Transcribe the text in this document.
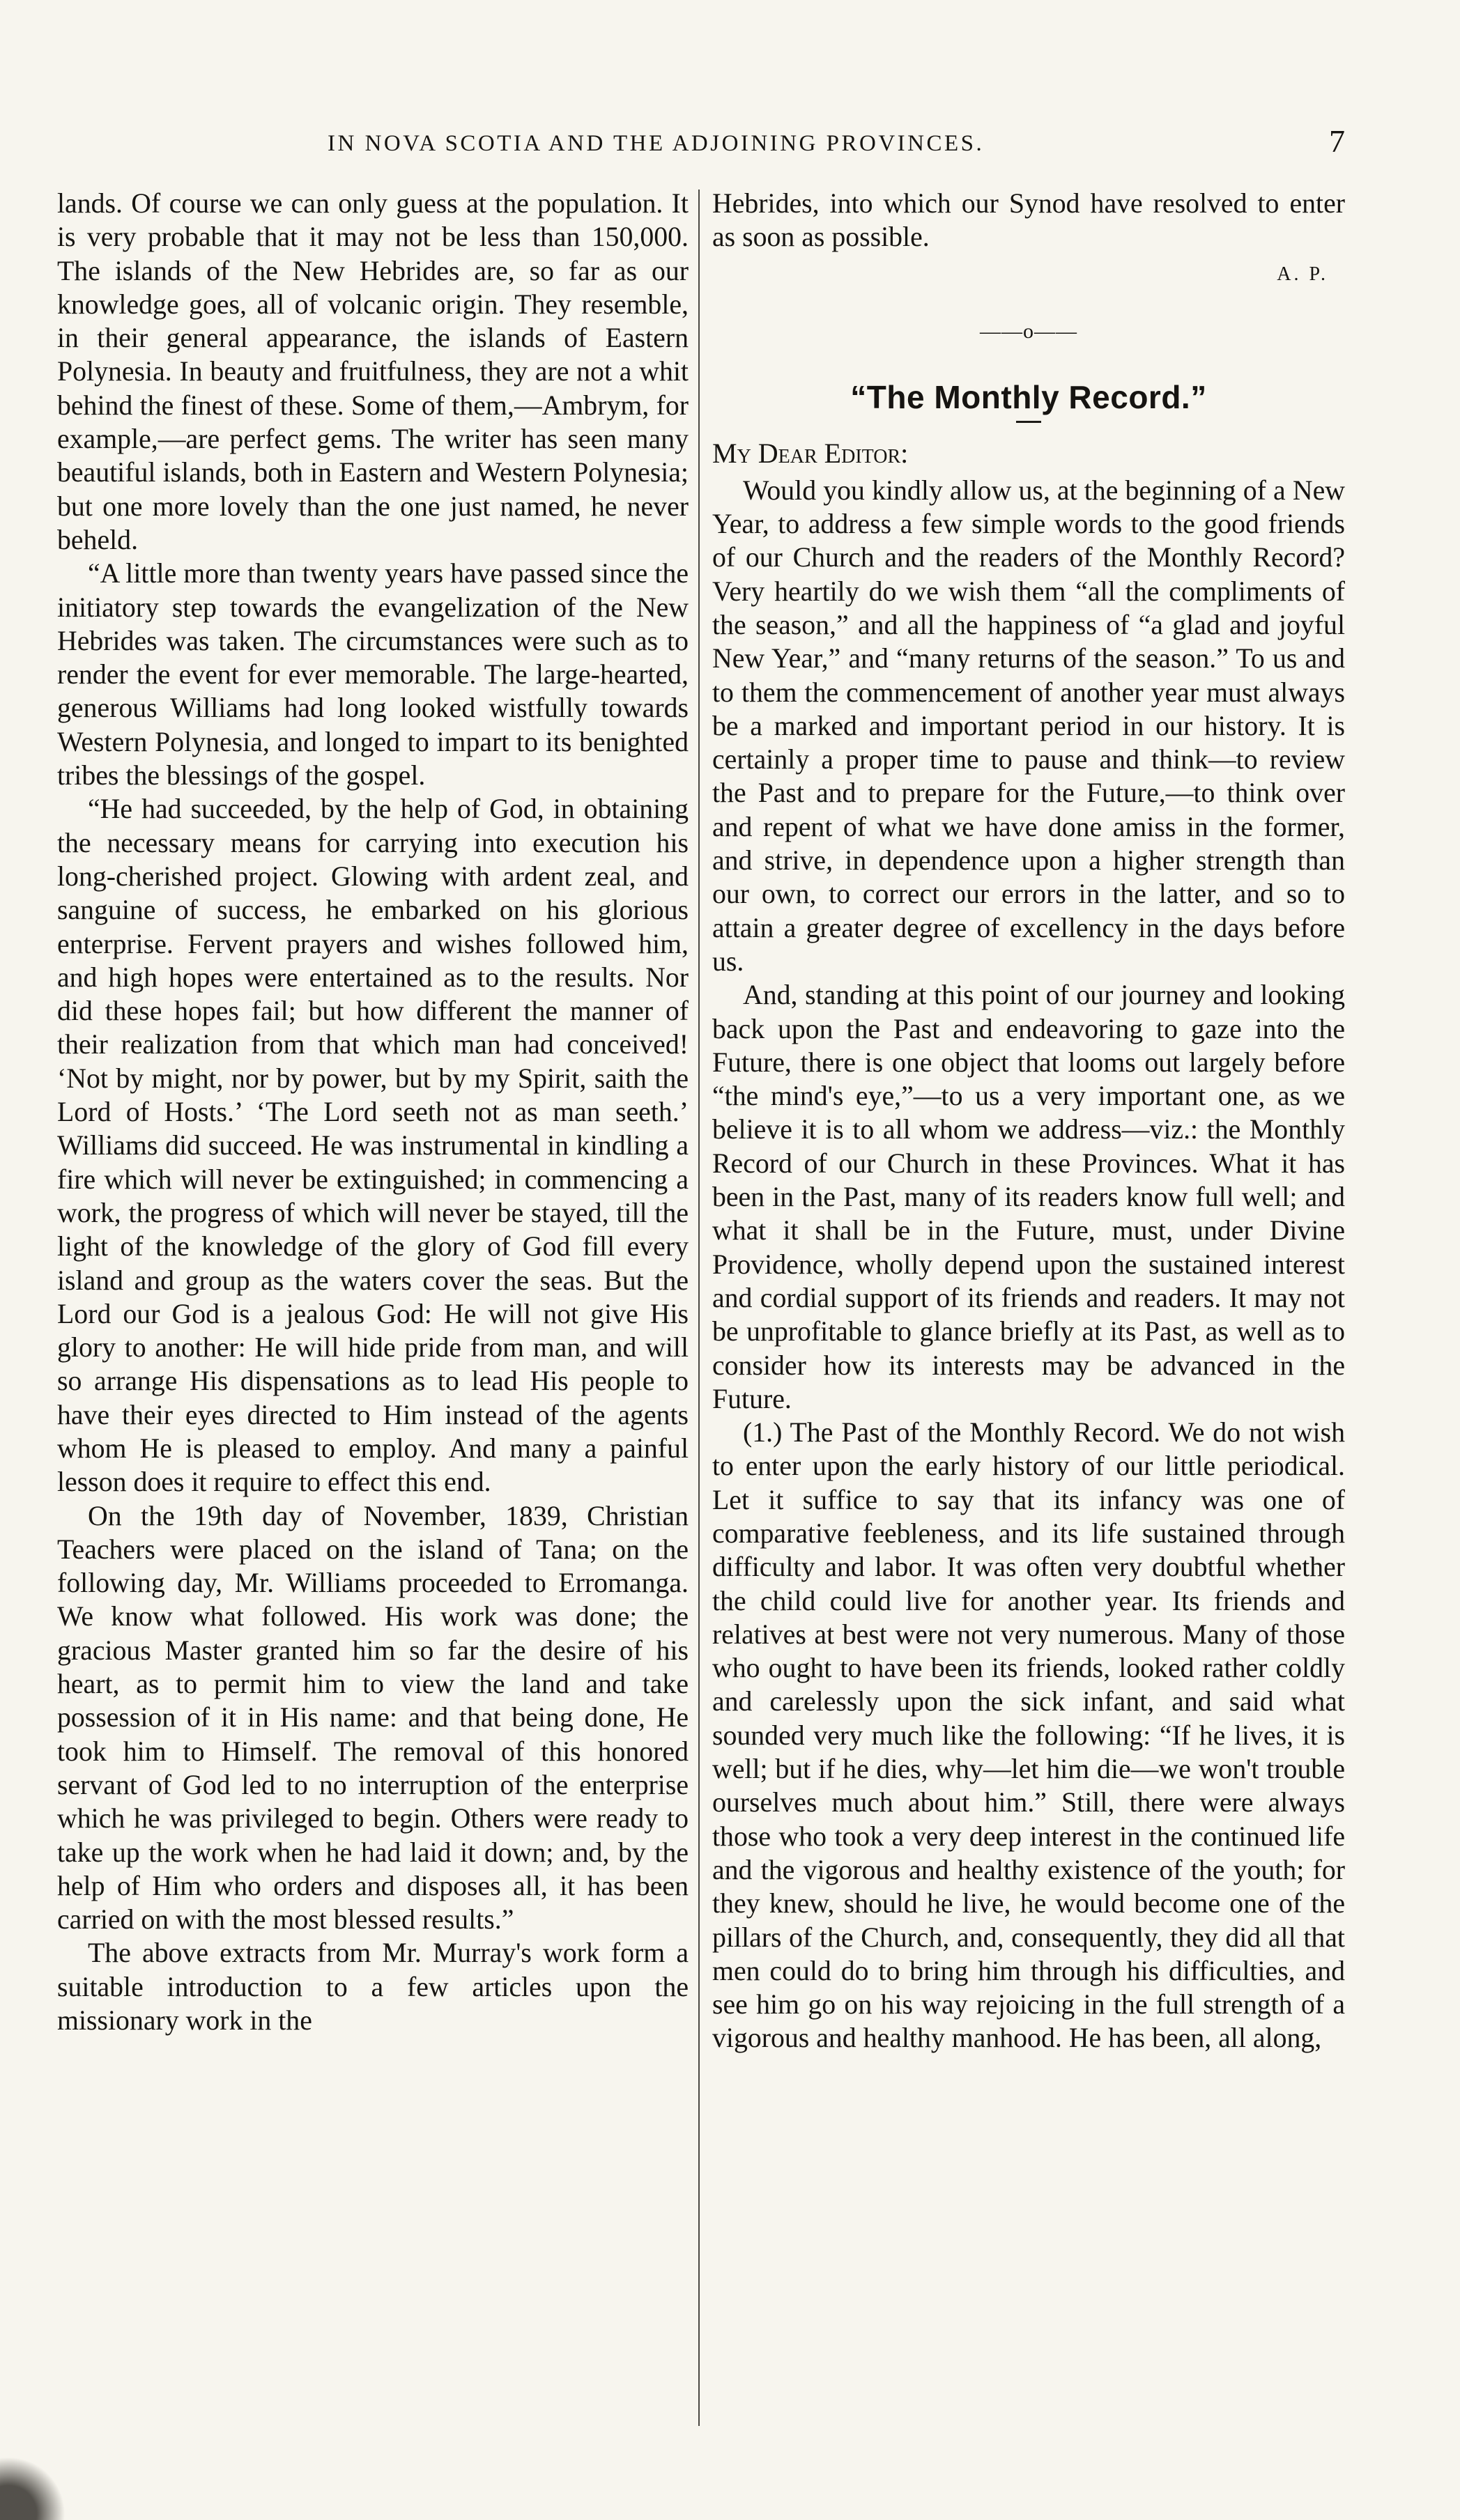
IN NOVA SCOTIA AND THE ADJOINING PROVINCES.	7

lands. Of course we can only guess at the population. It is very probable that it may not be less than 150,000. The islands of the New Hebrides are, so far as our knowledge goes, all of volcanic origin. They resemble, in their general appearance, the islands of Eastern Polynesia. In beauty and fruitfulness, they are not a whit behind the finest of these. Some of them,—Ambrym, for example,—are perfect gems. The writer has seen many beautiful islands, both in Eastern and Western Polynesia; but one more lovely than the one just named, he never beheld.

“A little more than twenty years have passed since the initiatory step towards the evangelization of the New Hebrides was taken. The circumstances were such as to render the event for ever memorable. The large-hearted, generous Williams had long looked wistfully towards Western Polynesia, and longed to impart to its benighted tribes the blessings of the gospel.

“He had succeeded, by the help of God, in obtaining the necessary means for carrying into execution his long-cherished project. Glowing with ardent zeal, and sanguine of success, he embarked on his glorious enterprise. Fervent prayers and wishes followed him, and high hopes were entertained as to the results. Nor did these hopes fail; but how different the manner of their realization from that which man had conceived! ‘Not by might, nor by power, but by my Spirit, saith the Lord of Hosts.’ ‘The Lord seeth not as man seeth.’ Williams did succeed. He was instrumental in kindling a fire which will never be extinguished; in commencing a work, the progress of which will never be stayed, till the light of the knowledge of the glory of God fill every island and group as the waters cover the seas. But the Lord our God is a jealous God: He will not give His glory to another: He will hide pride from man, and will so arrange His dispensations as to lead His people to have their eyes directed to Him instead of the agents whom He is pleased to employ. And many a painful lesson does it require to effect this end.

On the 19th day of November, 1839, Christian Teachers were placed on the island of Tana; on the following day, Mr. Williams proceeded to Erromanga. We know what followed. His work was done; the gracious Master granted him so far the desire of his heart, as to permit him to view the land and take possession of it in His name: and that being done, He took him to Himself. The removal of this honored servant of God led to no interruption of the enterprise which he was privileged to begin. Others were ready to take up the work when he had laid it down; and, by the help of Him who orders and disposes all, it has been carried on with the most blessed results.”

The above extracts from Mr. Murray's work form a suitable introduction to a few articles upon the missionary work in the

Hebrides, into which our Synod have resolved to enter as soon as possible.

A. P.
——o——
“The Monthly Record.”
My Dear Editor:

Would you kindly allow us, at the beginning of a New Year, to address a few simple words to the good friends of our Church and the readers of the Monthly Record? Very heartily do we wish them “all the compliments of the season,” and all the happiness of “a glad and joyful New Year,” and “many returns of the season.” To us and to them the commencement of another year must always be a marked and important period in our history. It is certainly a proper time to pause and think—to review the Past and to prepare for the Future,—to think over and repent of what we have done amiss in the former, and strive, in dependence upon a higher strength than our own, to correct our errors in the latter, and so to attain a greater degree of excellency in the days before us.

And, standing at this point of our journey and looking back upon the Past and endeavoring to gaze into the Future, there is one object that looms out largely before “the mind's eye,”—to us a very important one, as we believe it is to all whom we address—viz.: the Monthly Record of our Church in these Provinces. What it has been in the Past, many of its readers know full well; and what it shall be in the Future, must, under Divine Providence, wholly depend upon the sustained interest and cordial support of its friends and readers. It may not be unprofitable to glance briefly at its Past, as well as to consider how its interests may be advanced in the Future.

(1.) The Past of the Monthly Record. We do not wish to enter upon the early history of our little periodical. Let it suffice to say that its infancy was one of comparative feebleness, and its life sustained through difficulty and labor. It was often very doubtful whether the child could live for another year. Its friends and relatives at best were not very numerous. Many of those who ought to have been its friends, looked rather coldly and carelessly upon the sick infant, and said what sounded very much like the following: “If he lives, it is well; but if he dies, why—let him die—we won't trouble ourselves much about him.” Still, there were always those who took a very deep interest in the continued life and the vigorous and healthy existence of the youth; for they knew, should he live, he would become one of the pillars of the Church, and, consequently, they did all that men could do to bring him through his difficulties, and see him go on his way rejoicing in the full strength of a vigorous and healthy manhood. He has been, all along,
